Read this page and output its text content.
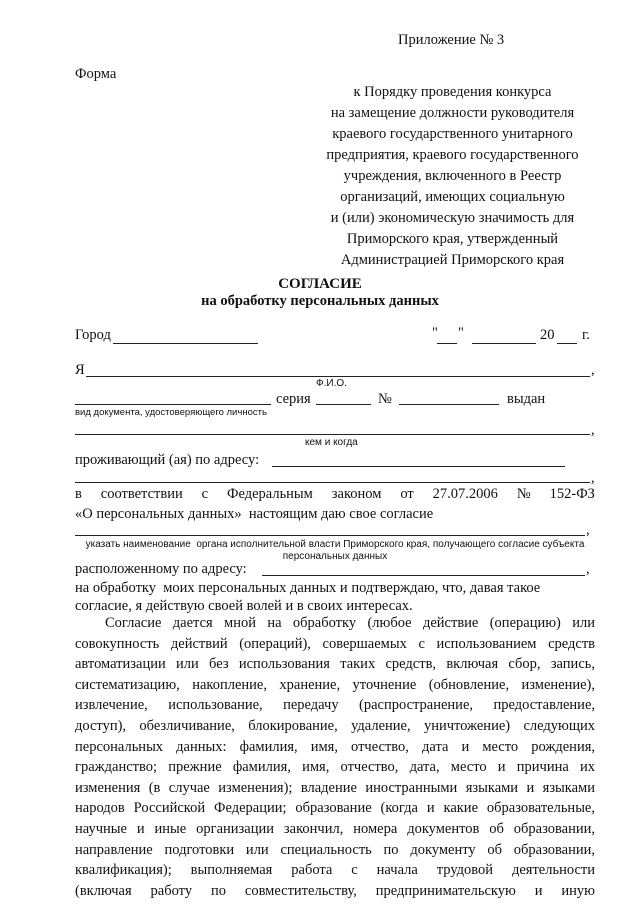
Приложение № 3
Форма
к Порядку проведения конкурса
на замещение должности руководителя
краевого государственного унитарного
предприятия, краевого государственного
учреждения, включенного в Реестр
организаций, имеющих социальную
и (или) экономическую значимость для
Приморского края, утвержденный
Администрацией Приморского края
СОГЛАСИЕ
на обработку персональных данных
Город	" "	20 г.
Я	,
Ф.И.О.
серия	№	выдан
вид документа, удостоверяющего личность
,
кем и когда
проживающий (ая) по адресу:
,
в соответствии с Федеральным законом от 27.07.2006 № 152-ФЗ
«О персональных данных»  настоящим даю свое согласие
,
указать наименование  органа исполнительной власти Приморского края, получающего согласие субъекта
персональных данных
расположенному по адресу:	,
на обработку  моих персональных данных и подтверждаю, что, давая такое
согласие, я действую своей волей и в своих интересах.
Согласие дается мной на обработку (любое действие (операцию) или
совокупность действий (операций), совершаемых с использованием средств
автоматизации или без использования таких средств, включая сбор, запись,
систематизацию, накопление, хранение, уточнение (обновление, изменение),
извлечение, использование, передачу (распространение, предоставление,
доступ), обезличивание, блокирование, удаление, уничтожение) следующих
персональных данных: фамилия, имя, отчество, дата и место рождения,
гражданство; прежние фамилия, имя, отчество, дата, место и причина их
изменения (в случае изменения); владение иностранными языками и языками
народов Российской Федерации; образование (когда и какие образовательные,
научные и иные организации закончил, номера документов об образовании,
направление подготовки или специальность по документу об образовании,
квалификация); выполняемая работа с начала трудовой деятельности
(включая работу по совместительству, предпринимательскую и иную
